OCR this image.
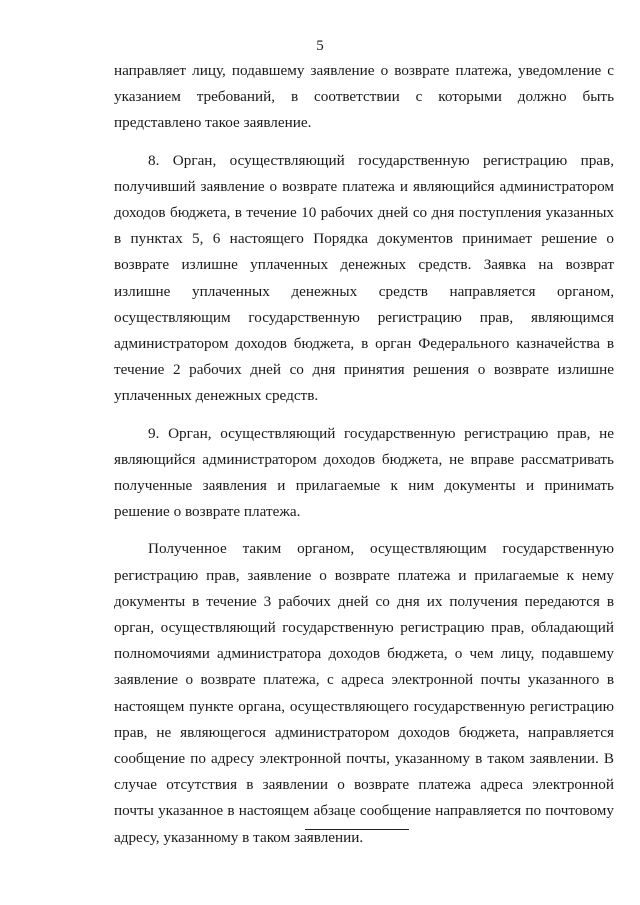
5

направляет лицу, подавшему заявление о возврате платежа, уведомление с указанием требований, в соответствии с которыми должно быть представлено такое заявление.

8. Орган, осуществляющий государственную регистрацию прав, получивший заявление о возврате платежа и являющийся администратором доходов бюджета, в течение 10 рабочих дней со дня поступления указанных в пунктах 5, 6 настоящего Порядка документов принимает решение о возврате излишне уплаченных денежных средств. Заявка на возврат излишне уплаченных денежных средств направляется органом, осуществляющим государственную регистрацию прав, являющимся администратором доходов бюджета, в орган Федерального казначейства в течение 2 рабочих дней со дня принятия решения о возврате излишне уплаченных денежных средств.

9. Орган, осуществляющий государственную регистрацию прав, не являющийся администратором доходов бюджета, не вправе рассматривать полученные заявления и прилагаемые к ним документы и принимать решение о возврате платежа.

Полученное таким органом, осуществляющим государственную регистрацию прав, заявление о возврате платежа и прилагаемые к нему документы в течение 3 рабочих дней со дня их получения передаются в орган, осуществляющий государственную регистрацию прав, обладающий полномочиями администратора доходов бюджета, о чем лицу, подавшему заявление о возврате платежа, с адреса электронной почты указанного в настоящем пункте органа, осуществляющего государственную регистрацию прав, не являющегося администратором доходов бюджета, направляется сообщение по адресу электронной почты, указанному в таком заявлении. В случае отсутствия в заявлении о возврате платежа адреса электронной почты указанное в настоящем абзаце сообщение направляется по почтовому адресу, указанному в таком заявлении.
